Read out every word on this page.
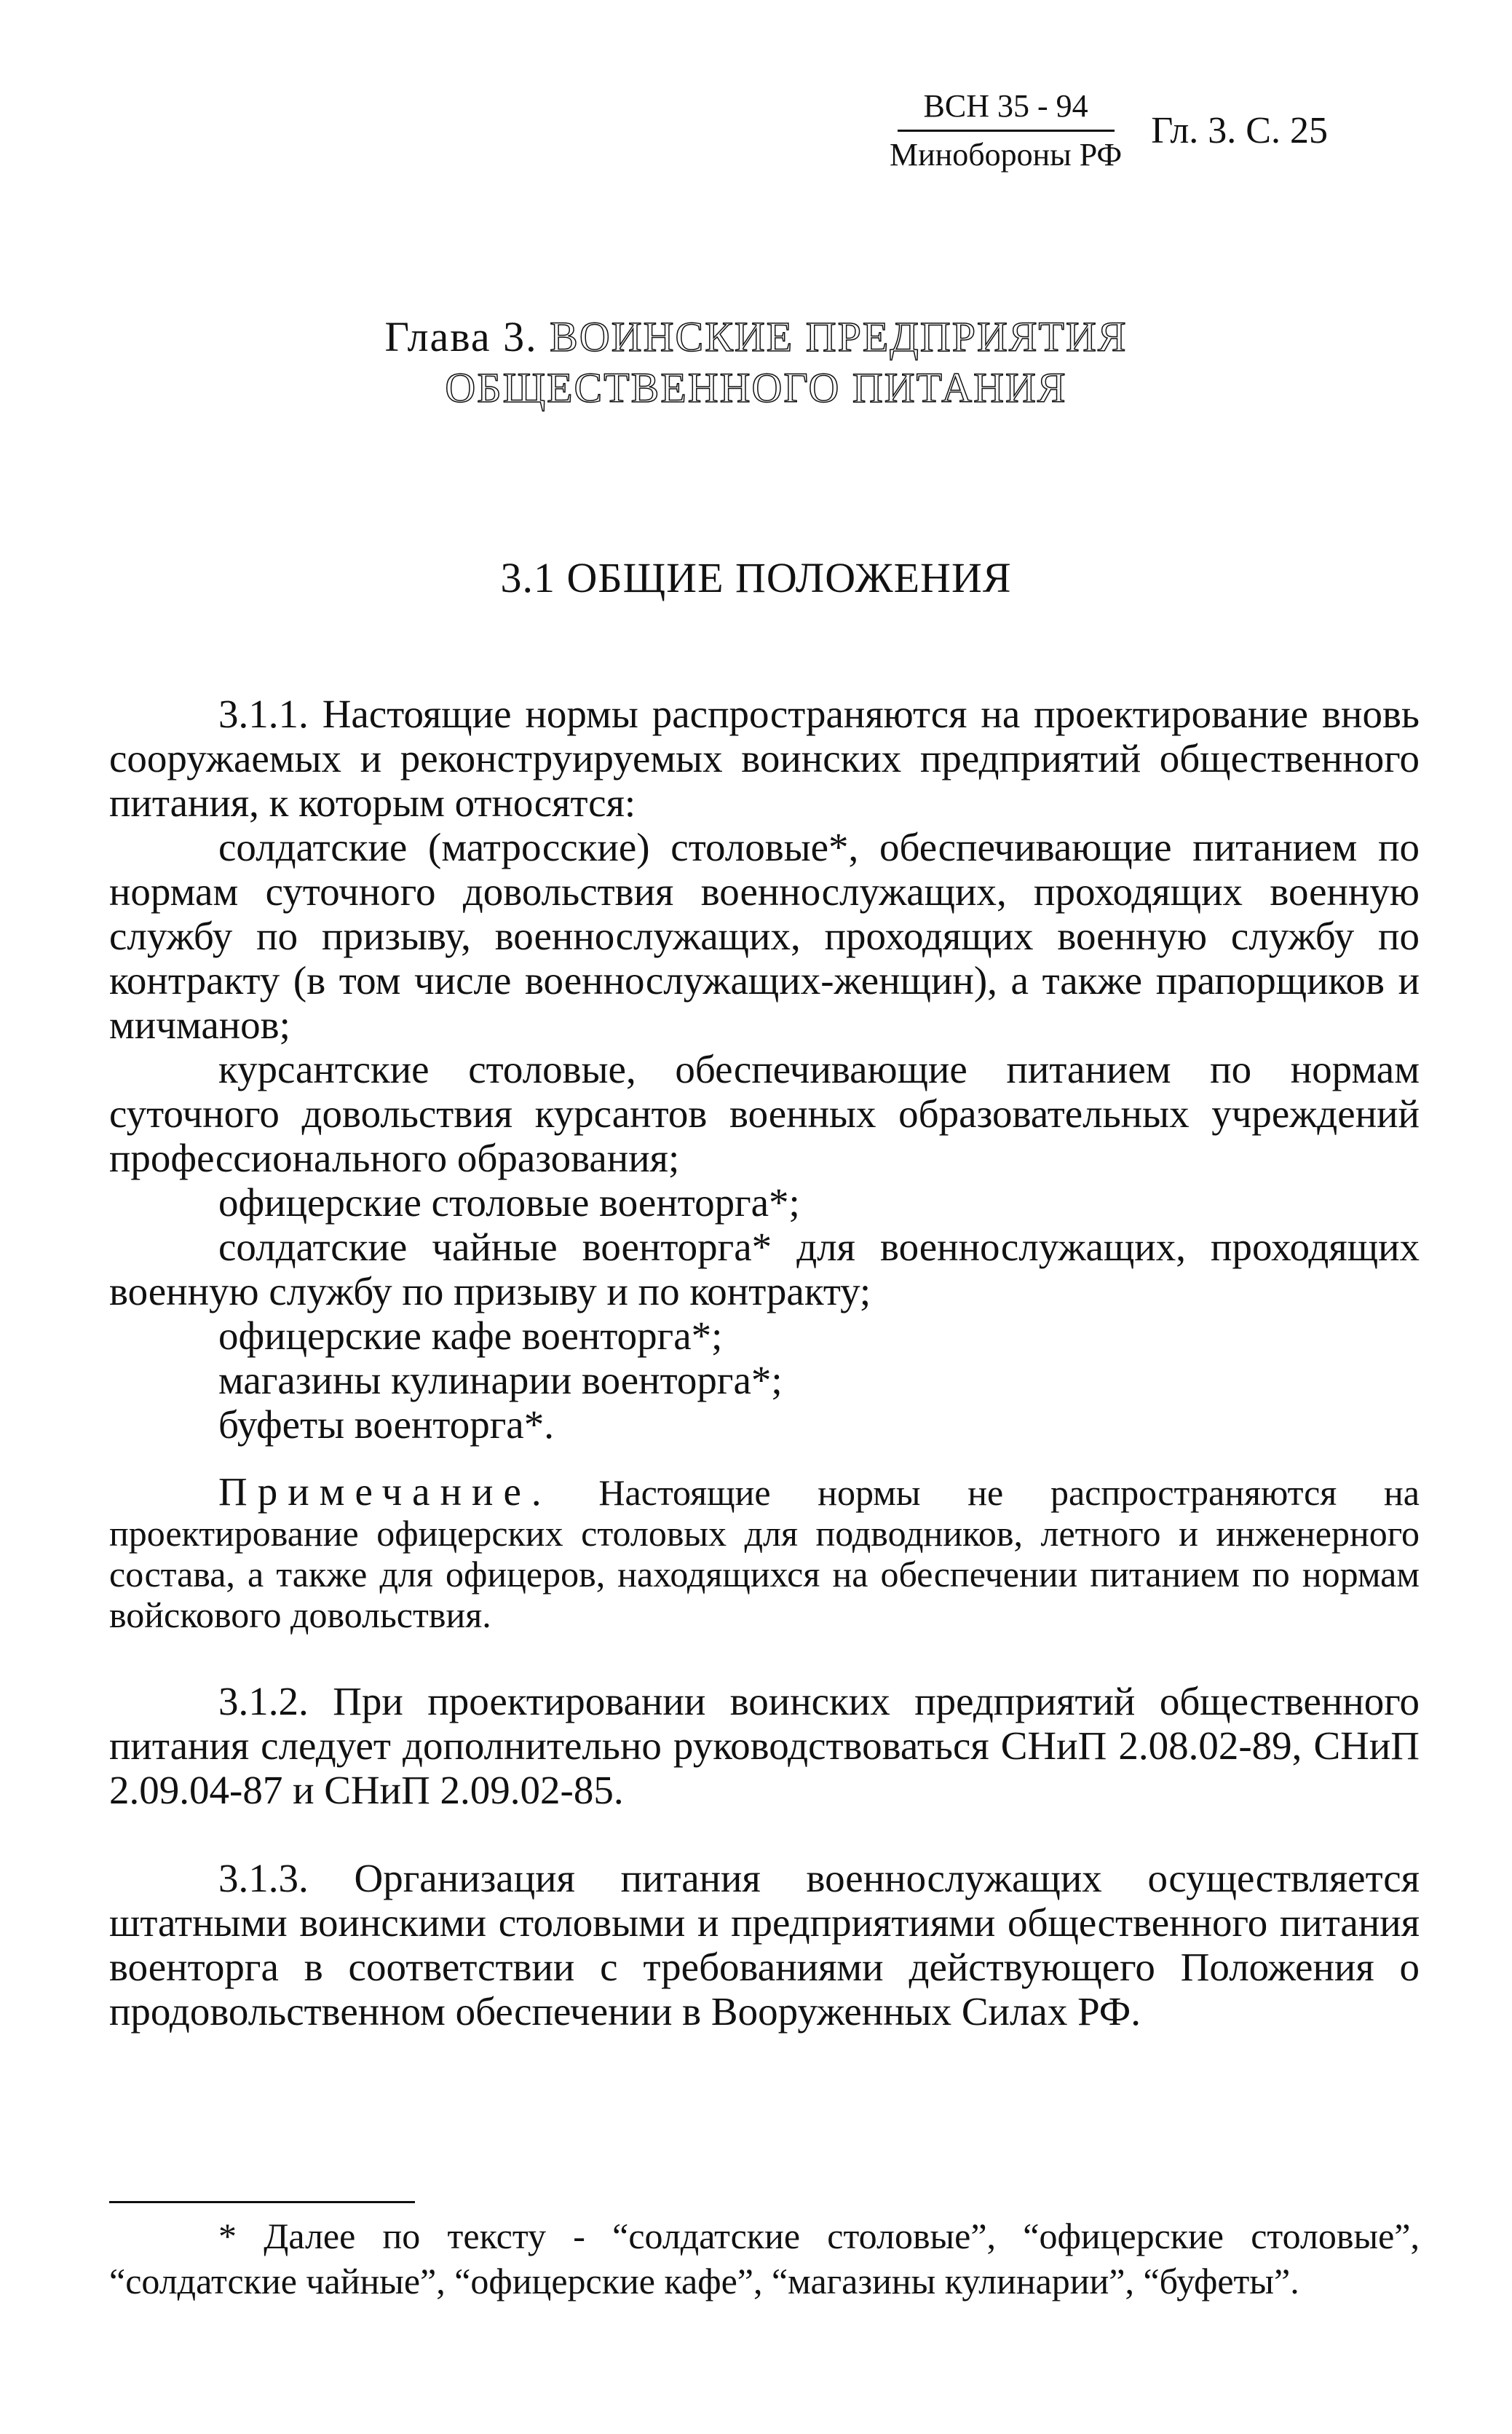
ВСН 35 - 94
Минобороны РФ
Гл. 3. С. 25
Глава 3. ВОИНСКИЕ ПРЕДПРИЯТИЯ
ОБЩЕСТВЕННОГО ПИТАНИЯ
3.1 ОБЩИЕ ПОЛОЖЕНИЯ

3.1.1. Настоящие нормы распространяются на проектирование вновь сооружаемых и реконструируемых воинских предприятий общественного питания, к которым относятся:

солдатские (матросские) столовые*, обеспечивающие питанием по нормам суточного довольствия военнослужащих, проходящих военную службу по призыву, военнослужащих, проходящих военную службу по контракту (в том числе военнослужащих-женщин), а также прапорщиков и мичманов;

курсантские столовые, обеспечивающие питанием по нормам суточного довольствия курсантов военных образовательных учреждений профессионального образования;

офицерские столовые военторга*;

солдатские чайные военторга* для военнослужащих, проходящих военную службу по призыву и по контракту;

офицерские кафе военторга*;

магазины кулинарии военторга*;

буфеты военторга*.

Примечание. Настоящие нормы не распространяются на проектирование офицерских столовых для подводников, летного и инженерного состава, а также для офицеров, находящихся на обеспечении питанием по нормам войскового довольствия.

3.1.2. При проектировании воинских предприятий общественного питания следует дополнительно руководствоваться СНиП 2.08.02-89, СНиП 2.09.04-87 и СНиП 2.09.02-85.

3.1.3. Организация питания военнослужащих осуществляется штатными воинскими столовыми и предприятиями общественного питания военторга в соответствии с требованиями действующего Положения о продовольственном обеспечении в Вооруженных Силах РФ.

* Далее по тексту - “солдатские столовые”, “офицерские столовые”, “солдатские чайные”, “офицерские кафе”, “магазины кулинарии”, “буфеты”.
